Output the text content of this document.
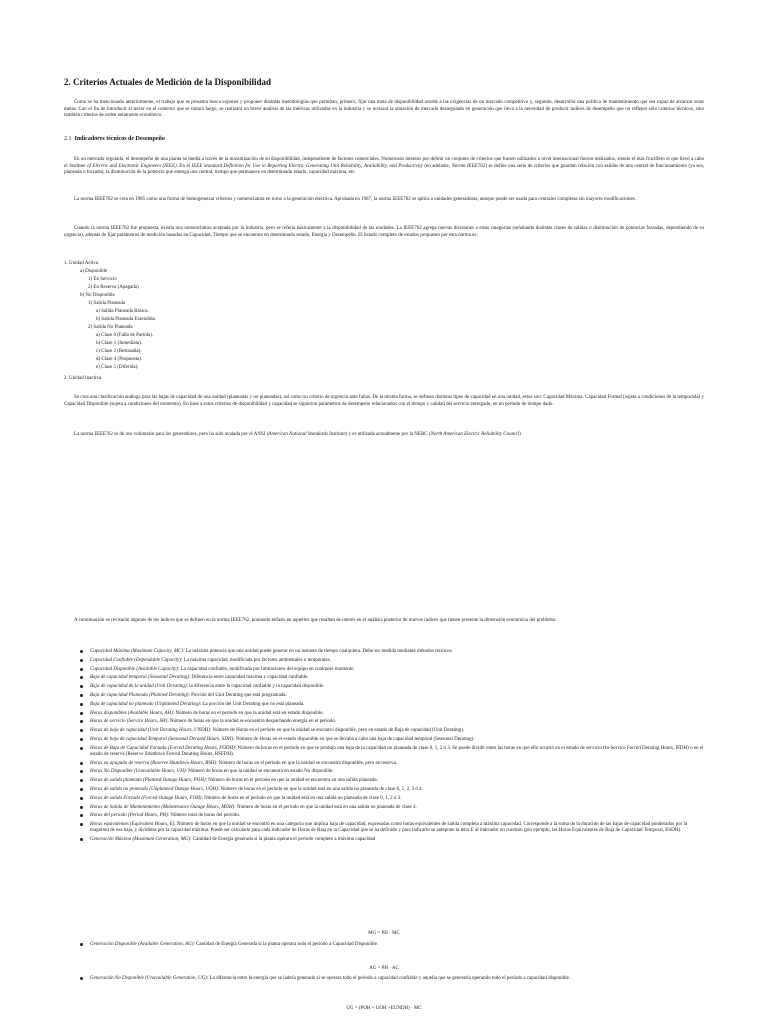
2. Criterios Actuales de Medición de la Disponibilidad

Como se ha mencionado anteriormente, el trabajo que se presenta busca exponer y proponer distintas metodologías que permitan, primero, fijar una meta de disponibilidad acorde a las exigencias de un mercado competitivo y, segundo, desarrollar una política de mantenimiento que sea capaz de alcanzar estas metas. Con el fin de introducir al lector en el contexto que se tratará luego, se realizará un breve análisis de las métricas utilizadas en la industria y se revisará la situación de mercado desregulado en generación que lleva a la necesidad de producir índices de desempeño que no reflejen sólo criterios técnicos, sino también criterios de orden netamente económico.

2.1 Indicadores técnicos de Desempeño

En un mercado regulado, el desempeño de una planta se media a través de la maximización de su disponibilidad, independiente de factores comerciales. Numerosos intentos por definir un conjunto de criterios que fuesen utilizados a nivel internacional fueron realizados, siendo el más fructífero el que llevó a cabo el Institute of Electric and Electronic Engineers (IEEE). En el IEEE Standard Definition for Use in Reporting Electric Generating Unit Reliability, Availability, and Productivity (en adelante, Norma IEEE762) se define una serie de criterios que guardan relación con salidas de una central de funcionamiento (ya sea, planeada o forzada), la disminución de la potencia que entrega una central, tiempo que permanece en determinado estado, capacidad máxima, etc.

La norma IEEE762 se crea en 1985 como una forma de homogeneizar criterios y nomenclatura en torno a la generación eléctrica. Aprobada en 1987, la norma IEEE762 se aplica a unidades generadoras, aunque puede ser usada para centrales completas sin mayores modificaciones.

Cuando la norma IEEE762 fue propuesta, existía una nomenclatura aceptada por la industria, pero se refería básicamente a la disponibilidad de las unidades. La IEEE762 agrega nuevas divisiones a estas categorías (señalando distintas clases de salidas o disminución de potencias forzadas, dependiendo de su urgencia), además de fijar parámetros de medición basados en Capacidad, Tiempo que se encuentre en determinado estado, Energía y Desempeño. El listado completo de estados propuesto por esta norma es:

1. Unidad Activa
a) Disponible
1) En Servicio
2) En Reserva (Apagada)
b) No Disponible
1) Salida Planeada
a) Salida Planeada Básica.
b) Salida Planeada Extendida.
2) Salida No Planeada
a) Clase 0 (Falla de Partida).
b) Clase 1 (Inmediata).
c) Clase 2 (Retrasada).
d) Clase 4 (Pospuesta).
e) Clase 5 (Diferida).

2. Unidad Inactiva.

Se crea una clasificación análoga para las bajas de capacidad de una unidad (planeadas y no planeadas), así como un criterio de urgencia ante fallas. De la misma forma, se definen distintos tipos de capacidad en una unidad, estos son: Capacidad Máxima, Capacidad Formal (sujeta a condiciones de la temporada) y Capacidad Disponible (sujeta a condiciones del momento). En base a estos criterios de disponibilidad y capacidad se siguieron parámetros de desempeño relacionados con el tiempo y calidad del servicio entregado, en un período de tiempo dado.

La norma IEEE762 es de uso voluntario para los generadores, pero ha sido avalada por el ANSI (American National Standards Institute) y es utilizada actualmente por la NERC (North American Electric Reliability Council)

A continuación se revisarán algunos de los índices que se definen en la norma IEEE762, poniendo énfasis en aquellos que resultan de interés en el análisis posterior de nuevos índices que tienen presente la dimensión económica del problema

Capacidad Máxima (Maximum Capacity, MC): La máxima potencia que una unidad puede generar en un instante de tiempo cualquiera. Debe ser medida mediante métodos técnicos.
Capacidad Confiable (Dependable Capacity): La máxima capacidad, modificada por factores ambientales o temporales.
Capacidad Disponible (Available Capacity): La capacidad confiable, modificada por limitaciones del equipo en cualquier momento
Baja de capacidad temporal (Seasonal Derating): Diferencia entre capacidad máxima y capacidad confiable.
Baja de capacidad de la unidad (Unit Derating): la diferencia entre la capacidad confiable y la capacidad disponible.
Baja de capacidad Planeada (Planned Derating): Porción del Unit Derating que está programada.
Baja de capacidad no planeada (Unplanned Derating): La porción del Unit Derating que no está planeada.
Horas disponibles (Available Hours, AH): Número de horas en el período en que la unidad está en estado disponible.
Horas de servicio (Service Hours, SH): Número de horas en que la unidad se encuentra despachando energía en el período.
Horas de baja de capacidad (Unit Derating Hours, UNDH): Número de Horas en el período en que la unidad se encontró disponible, pero en estado de Baja de capacidad (Unit Derating).
Horas de baja de capacidad Temporal (Seasonal Derated Hours, SDH): Número de Horas en el estado disponible en que se llevaba a cabo una baja de capacidad temporal (Seasonal Derating).
Horas de Baja de Capacidad Forzada (Forced Derating Hours, FODH): Número de horas en el período en que se produjo una baja de la capacidad no planeada de clase 0, 1, 2 ó 3. Se puede dividir entre las horas en que ello ocurrió en el estado de servicio (In-Service Forced Derating Hours, IFDH) o en el estado de reserva (Reserve Shutdown Forced Derating Hours, RSFDH).
Horas en apagado de reserva (Reserve Shutdown Hours, RSH): Número de horas en el período en que la unidad se encuentra disponible, pero en reserva.
Horas No Disponible (Unavailable Hours, UH): Número de horas en que la unidad se encuentra en estado No disponible.
Horas de salida planeada (Planned Outage Hours, POH): Número de horas en el período en que la unidad se encuentra en una salida planeada.
Horas de salida no planeada (Unplanned Outage Hours, UOH): Número de horas en el período en que la unidad está en una salida no planeada de clase 0, 1, 2, 3 ó 4.
Horas de salida Forzada (Forced Outage Hours, FOH): Número de horas en el período en que la unidad está en una salida no planeada de clase 0, 1, 2 ó 3.
Horas de Salida de Mantenimiento (Maintenance Outage Hours, MOH): Número de horas en el período en que la unidad está en una salida no planeada de clase 4.
Horas del período (Period Hours, PH): Número total de horas del período.
Horas equivalentes (Equivalent Hours, E): Número de horas en que la unidad se encontró en una categoría que implica baja de capacidad, expresadas como horas equivalentes de salida completa a máxima capacidad. Corresponde a la suma de la duración de las bajas de capacidad ponderados por la magnitud de esa baja, y divididas por la capacidad máxima. Puede ser calculado para cada indicador de Horas de Baja en la Capacidad que se ha definido y para indicarlo se antepone la letra E al indicador en cuestión (por ejemplo, las Horas Equivalentes de Baja de Capacidad Temporal, ESDH).
Generación Máxima (Maximum Generation, MG): Cantidad de Energía generada si la planta operara el período completo a máxima capacidad
MG = PH · MC
Generación Disponible (Available Generation, AG): Cantidad de Energía Generada si la planta operara todo el período a Capacidad Disponible.
AG = PH · AC
Generación No Disponible (Unavailable Generation, UG): La diferencia entre la energía que se habría generado si se operara todo el período a capacidad confiable y aquella que se generaría operando todo el período a capacidad disponible.
UG = (POH + UOH +EUNDH) · MC
